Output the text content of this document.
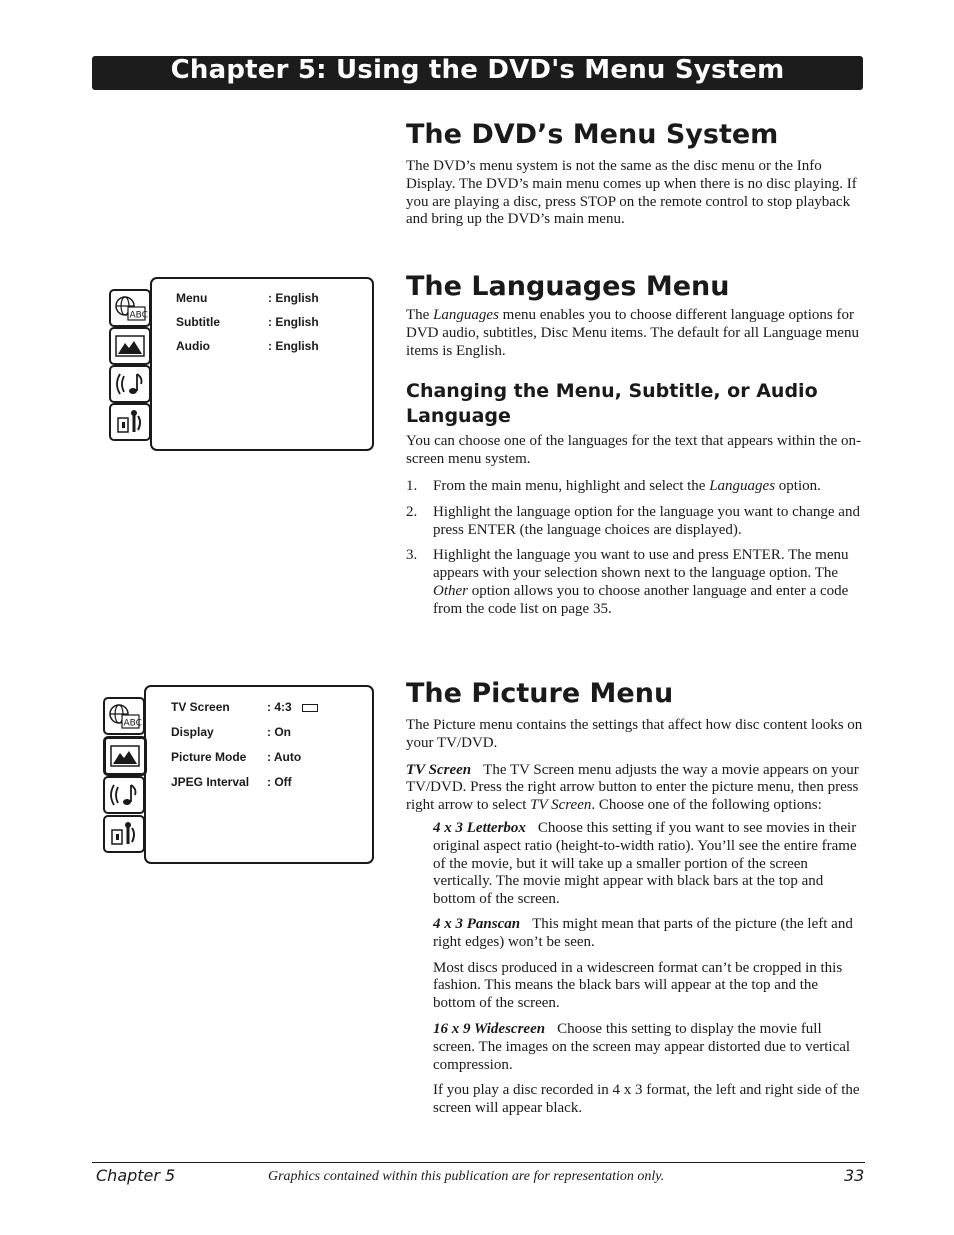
Chapter 5: Using the DVD's Menu System
The DVD’s Menu System

The DVD’s menu system is not the same as the disc menu or the Info Display. The DVD’s main menu comes up when there is no disc playing. If you are playing a disc, press STOP on the remote control to stop playback and bring up the DVD’s main menu.

The Languages Menu

The Languages menu enables you to choose different language options for DVD audio, subtitles, Disc Menu items. The default for all Language menu items is English.

Changing the Menu, Subtitle, or Audio Language

You can choose one of the languages for the text that appears within the on-screen menu system.

1. From the main menu, highlight and select the Languages option.
2. Highlight the language option for the language you want to change and press ENTER (the language choices are displayed).
3. Highlight the language you want to use and press ENTER. The menu appears with your selection shown next to the language option. The Other option allows you to choose another language and enter a code from the code list on page 35.
The Picture Menu

The Picture menu contains the settings that affect how disc content looks on your TV/DVD.

TV Screen The TV Screen menu adjusts the way a movie appears on your TV/DVD. Press the right arrow button to enter the picture menu, then press right arrow to select TV Screen. Choose one of the following options:

4 x 3 Letterbox Choose this setting if you want to see movies in their original aspect ratio (height-to-width ratio). You’ll see the entire frame of the movie, but it will take up a smaller portion of the screen vertically. The movie might appear with black bars at the top and bottom of the screen.

4 x 3 Panscan This might mean that parts of the picture (the left and right edges) won’t be seen.

Most discs produced in a widescreen format can’t be cropped in this fashion. This means the black bars will appear at the top and the bottom of the screen.

16 x 9 Widescreen Choose this setting to display the movie full screen. The images on the screen may appear distorted due to vertical compression.

If you play a disc recorded in 4 x 3 format, the left and right side of the screen will appear black.

Menu	: English
Subtitle	: English
Audio	: English
ABC
TV Screen	: 4:3
Display	: On
Picture Mode : Auto
JPEG Interval : Off
ABC
Chapter 5	Graphics contained within this publication are for representation only.	33
